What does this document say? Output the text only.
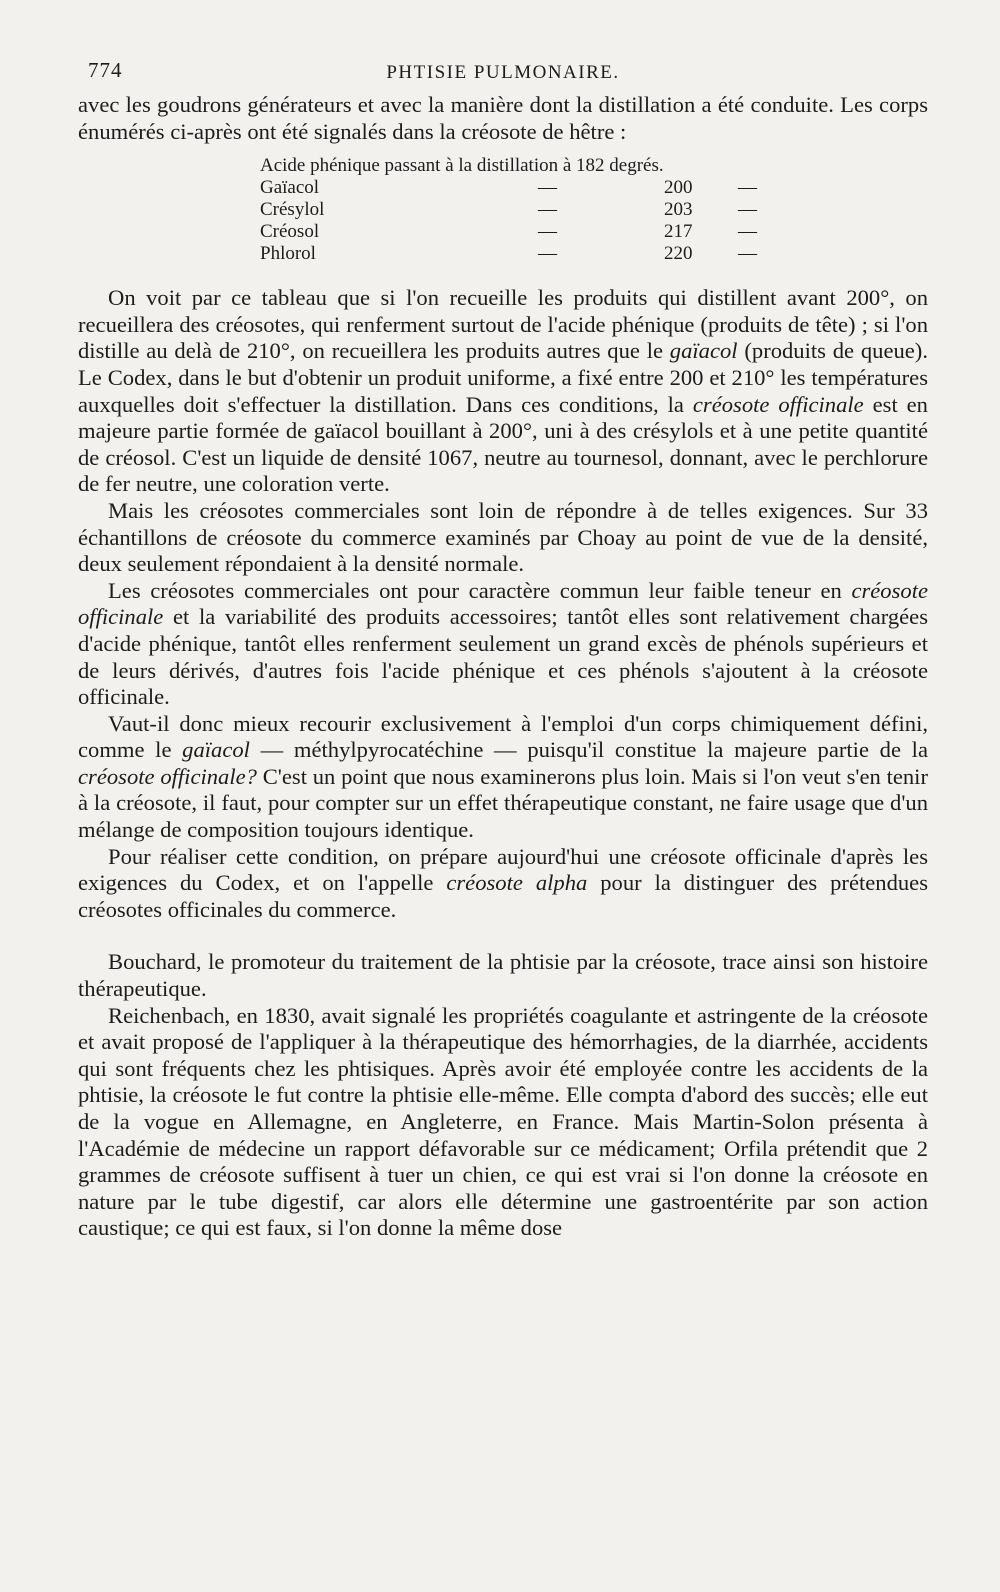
774	PHTISIE PULMONAIRE.

avec les goudrons générateurs et avec la manière dont la distillation a été conduite. Les corps énumérés ci-après ont été signalés dans la créosote de hêtre :

Acide phénique passant à la distillation à 182 degrés.
Gaïacol	—	200	—
Crésylol	—	203	—
Créosol	—	217	—
Phlorol	—	220	—

On voit par ce tableau que si l'on recueille les produits qui distillent avant 200°, on recueillera des créosotes, qui renferment surtout de l'acide phénique (produits de tête) ; si l'on distille au delà de 210°, on recueillera les produits autres que le gaïacol (produits de queue). Le Codex, dans le but d'obtenir un produit uniforme, a fixé entre 200 et 210° les températures auxquelles doit s'effectuer la distillation. Dans ces conditions, la créosote officinale est en majeure partie formée de gaïacol bouillant à 200°, uni à des crésylols et à une petite quantité de créosol. C'est un liquide de densité 1067, neutre au tournesol, donnant, avec le perchlorure de fer neutre, une coloration verte.

Mais les créosotes commerciales sont loin de répondre à de telles exigences. Sur 33 échantillons de créosote du commerce examinés par Choay au point de vue de la densité, deux seulement répondaient à la densité normale.

Les créosotes commerciales ont pour caractère commun leur faible teneur en créosote officinale et la variabilité des produits accessoires; tantôt elles sont relativement chargées d'acide phénique, tantôt elles renferment seulement un grand excès de phénols supérieurs et de leurs dérivés, d'autres fois l'acide phénique et ces phénols s'ajoutent à la créosote officinale.

Vaut-il donc mieux recourir exclusivement à l'emploi d'un corps chimiquement défini, comme le gaïacol — méthylpyrocatéchine — puisqu'il constitue la majeure partie de la créosote officinale? C'est un point que nous examinerons plus loin. Mais si l'on veut s'en tenir à la créosote, il faut, pour compter sur un effet thérapeutique constant, ne faire usage que d'un mélange de composition toujours identique.

Pour réaliser cette condition, on prépare aujourd'hui une créosote officinale d'après les exigences du Codex, et on l'appelle créosote alpha pour la distinguer des prétendues créosotes officinales du commerce.

Bouchard, le promoteur du traitement de la phtisie par la créosote, trace ainsi son histoire thérapeutique.

Reichenbach, en 1830, avait signalé les propriétés coagulante et astringente de la créosote et avait proposé de l'appliquer à la thérapeutique des hémorrhagies, de la diarrhée, accidents qui sont fréquents chez les phtisiques. Après avoir été employée contre les accidents de la phtisie, la créosote le fut contre la phtisie elle-même. Elle compta d'abord des succès; elle eut de la vogue en Allemagne, en Angleterre, en France. Mais Martin-Solon présenta à l'Académie de médecine un rapport défavorable sur ce médicament; Orfila prétendit que 2 grammes de créosote suffisent à tuer un chien, ce qui est vrai si l'on donne la créosote en nature par le tube digestif, car alors elle détermine une gastroentérite par son action caustique; ce qui est faux, si l'on donne la même dose
